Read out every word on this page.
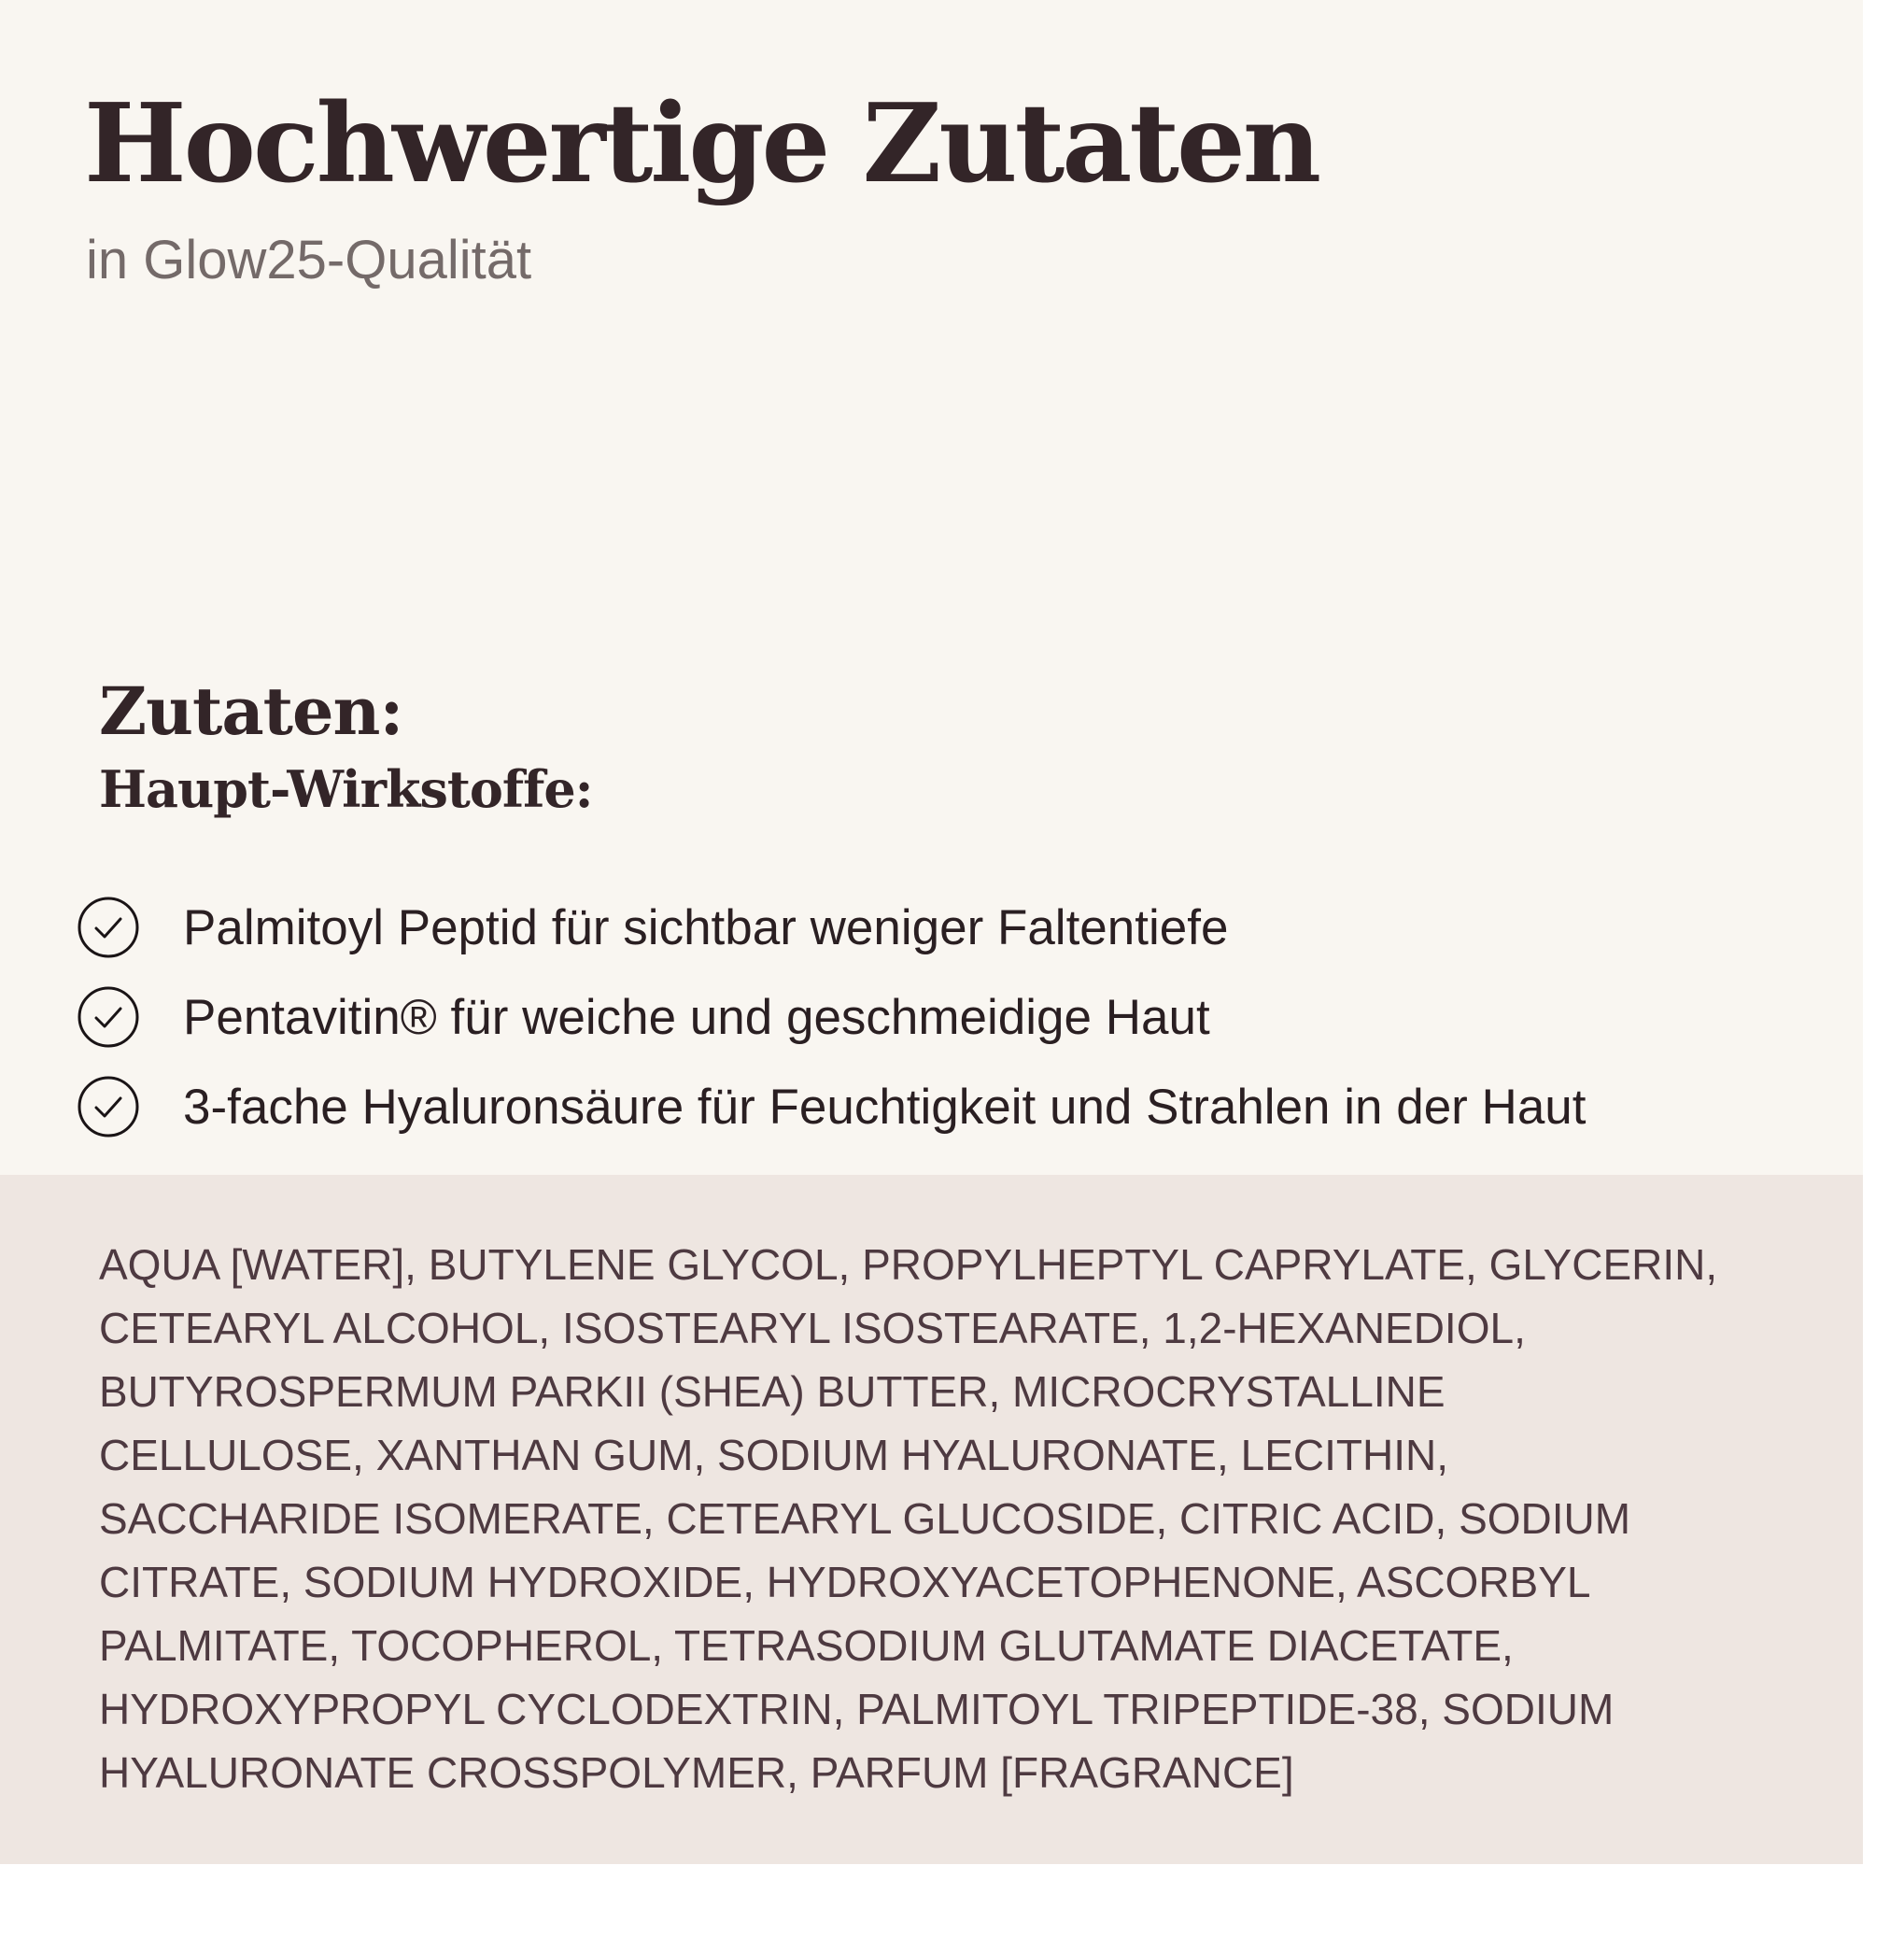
Hochwertige Zutaten

in Glow25-Qualität

Zutaten:
Haupt-Wirkstoffe:
Palmitoyl Peptid für sichtbar weniger Faltentiefe
Pentavitin® für weiche und geschmeidige Haut
3-fache Hyaluronsäure für Feuchtigkeit und Strahlen in der Haut

AQUA [WATER], BUTYLENE GLYCOL, PROPYLHEPTYL CAPRYLATE, GLYCERIN,
CETEARYL ALCOHOL, ISOSTEARYL ISOSTEARATE, 1,2-HEXANEDIOL,
BUTYROSPERMUM PARKII (SHEA) BUTTER, MICROCRYSTALLINE
CELLULOSE, XANTHAN GUM, SODIUM HYALURONATE, LECITHIN,
SACCHARIDE ISOMERATE, CETEARYL GLUCOSIDE, CITRIC ACID, SODIUM
CITRATE, SODIUM HYDROXIDE, HYDROXYACETOPHENONE, ASCORBYL
PALMITATE, TOCOPHEROL, TETRASODIUM GLUTAMATE DIACETATE,
HYDROXYPROPYL CYCLODEXTRIN, PALMITOYL TRIPEPTIDE-38, SODIUM
HYALURONATE CROSSPOLYMER, PARFUM [FRAGRANCE]
